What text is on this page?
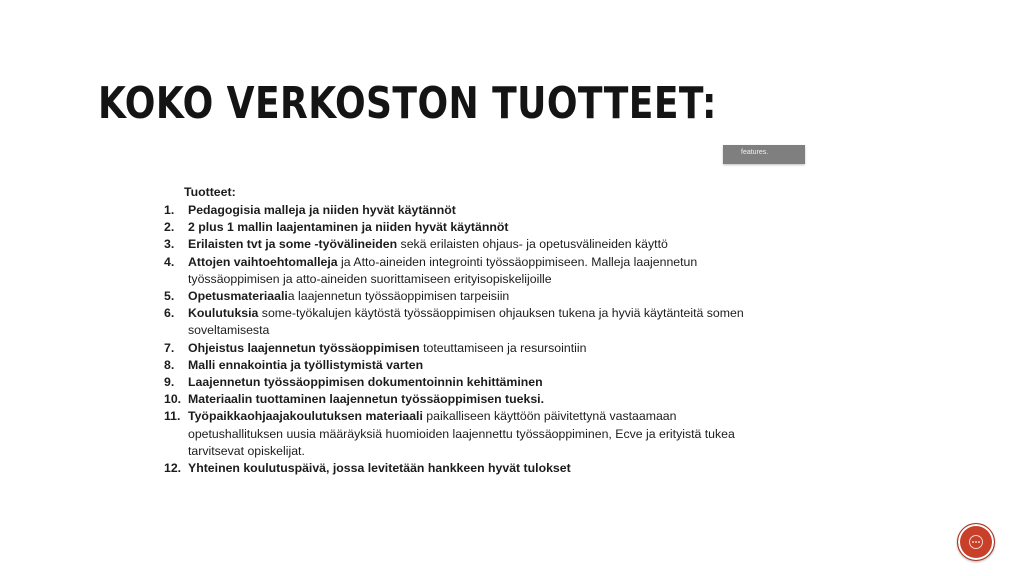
KOKO VERKOSTON TUOTTEET:
features.
Tuotteet:
1.	Pedagogisia malleja ja niiden hyvät käytännöt
2.	2 plus 1 mallin laajentaminen ja niiden hyvät käytännöt
3.	Erilaisten tvt ja some -työvälineiden sekä erilaisten ohjaus- ja opetusvälineiden käyttö
4.	Attojen vaihtoehtomalleja ja Atto-aineiden integrointi työssäoppimiseen. Malleja laajennetun työssäoppimisen ja atto-aineiden suorittamiseen erityisopiskelijoille
5.	Opetusmateriaalia laajennetun työssäoppimisen tarpeisiin
6.	Koulutuksia some-työkalujen käytöstä työssäoppimisen ohjauksen tukena ja hyviä käytänteitä somen soveltamisesta
7.	Ohjeistus laajennetun työssäoppimisen toteuttamiseen ja resursointiin
8.	Malli ennakointia ja työllistymistä varten
9.	Laajennetun työssäoppimisen dokumentoinnin kehittäminen
10. Materiaalin tuottaminen laajennetun työssäoppimisen tueksi.
11. Työpaikkaohjaajakoulutuksen materiaali paikalliseen käyttöön päivitettynä vastaamaan opetushallituksen uusia määräyksiä huomioiden laajennettu työssäoppiminen, Ecve ja erityistä tukea tarvitsevat opiskelijat.
12. Yhteinen koulutuspäivä, jossa levitetään hankkeen hyvät tulokset
